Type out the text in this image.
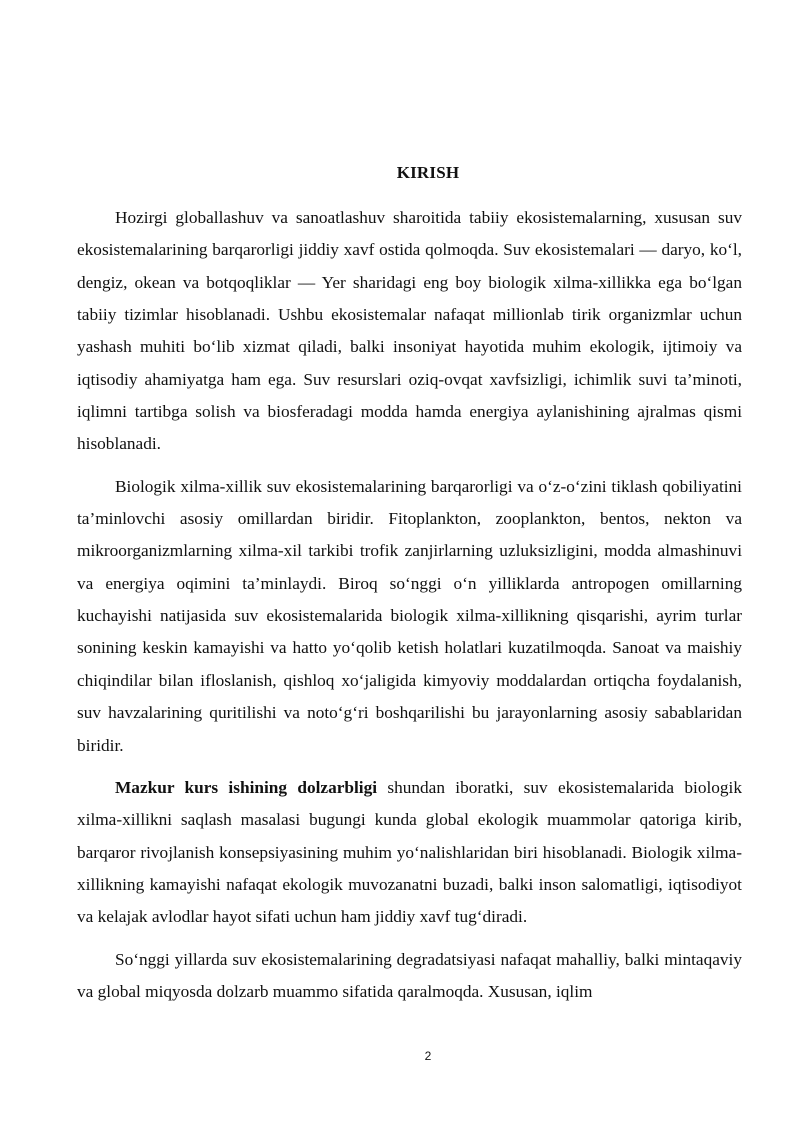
KIRISH

Hozirgi globallashuv va sanoatlashuv sharoitida tabiiy ekosistemalarning, xususan suv ekosistemalarining barqarorligi jiddiy xavf ostida qolmoqda. Suv ekosistemalari — daryo, ko‘l, dengiz, okean va botqoqliklar — Yer sharidagi eng boy biologik xilma-xillikka ega bo‘lgan tabiiy tizimlar hisoblanadi. Ushbu ekosistemalar nafaqat millionlab tirik organizmlar uchun yashash muhiti bo‘lib xizmat qiladi, balki insoniyat hayotida muhim ekologik, ijtimoiy va iqtisodiy ahamiyatga ham ega. Suv resurslari oziq-ovqat xavfsizligi, ichimlik suvi ta’minoti, iqlimni tartibga solish va biosferadagi modda hamda energiya aylanishining ajralmas qismi hisoblanadi.

Biologik xilma-xillik suv ekosistemalarining barqarorligi va o‘z-o‘zini tiklash qobiliyatini ta’minlovchi asosiy omillardan biridir. Fitoplankton, zooplankton, bentos, nekton va mikroorganizmlarning xilma-xil tarkibi trofik zanjirlarning uzluksizligini, modda almashinuvi va energiya oqimini ta’minlaydi. Biroq so‘nggi o‘n yilliklarda antropogen omillarning kuchayishi natijasida suv ekosistemalarida biologik xilma-xillikning qisqarishi, ayrim turlar sonining keskin kamayishi va hatto yo‘qolib ketish holatlari kuzatilmoqda. Sanoat va maishiy chiqindilar bilan ifloslanish, qishloq xo‘jaligida kimyoviy moddalardan ortiqcha foydalanish, suv havzalarining quritilishi va noto‘g‘ri boshqarilishi bu jarayonlarning asosiy sabablaridan biridir.

Mazkur kurs ishining dolzarbligi shundan iboratki, suv ekosistemalarida biologik xilma-xillikni saqlash masalasi bugungi kunda global ekologik muammolar qatoriga kirib, barqaror rivojlanish konsepsiyasining muhim yo‘nalishlaridan biri hisoblanadi. Biologik xilma-xillikning kamayishi nafaqat ekologik muvozanatni buzadi, balki inson salomatligi, iqtisodiyot va kelajak avlodlar hayot sifati uchun ham jiddiy xavf tug‘diradi.

So‘nggi yillarda suv ekosistemalarining degradatsiyasi nafaqat mahalliy, balki mintaqaviy va global miqyosda dolzarb muammo sifatida qaralmoqda. Xususan, iqlim

2
